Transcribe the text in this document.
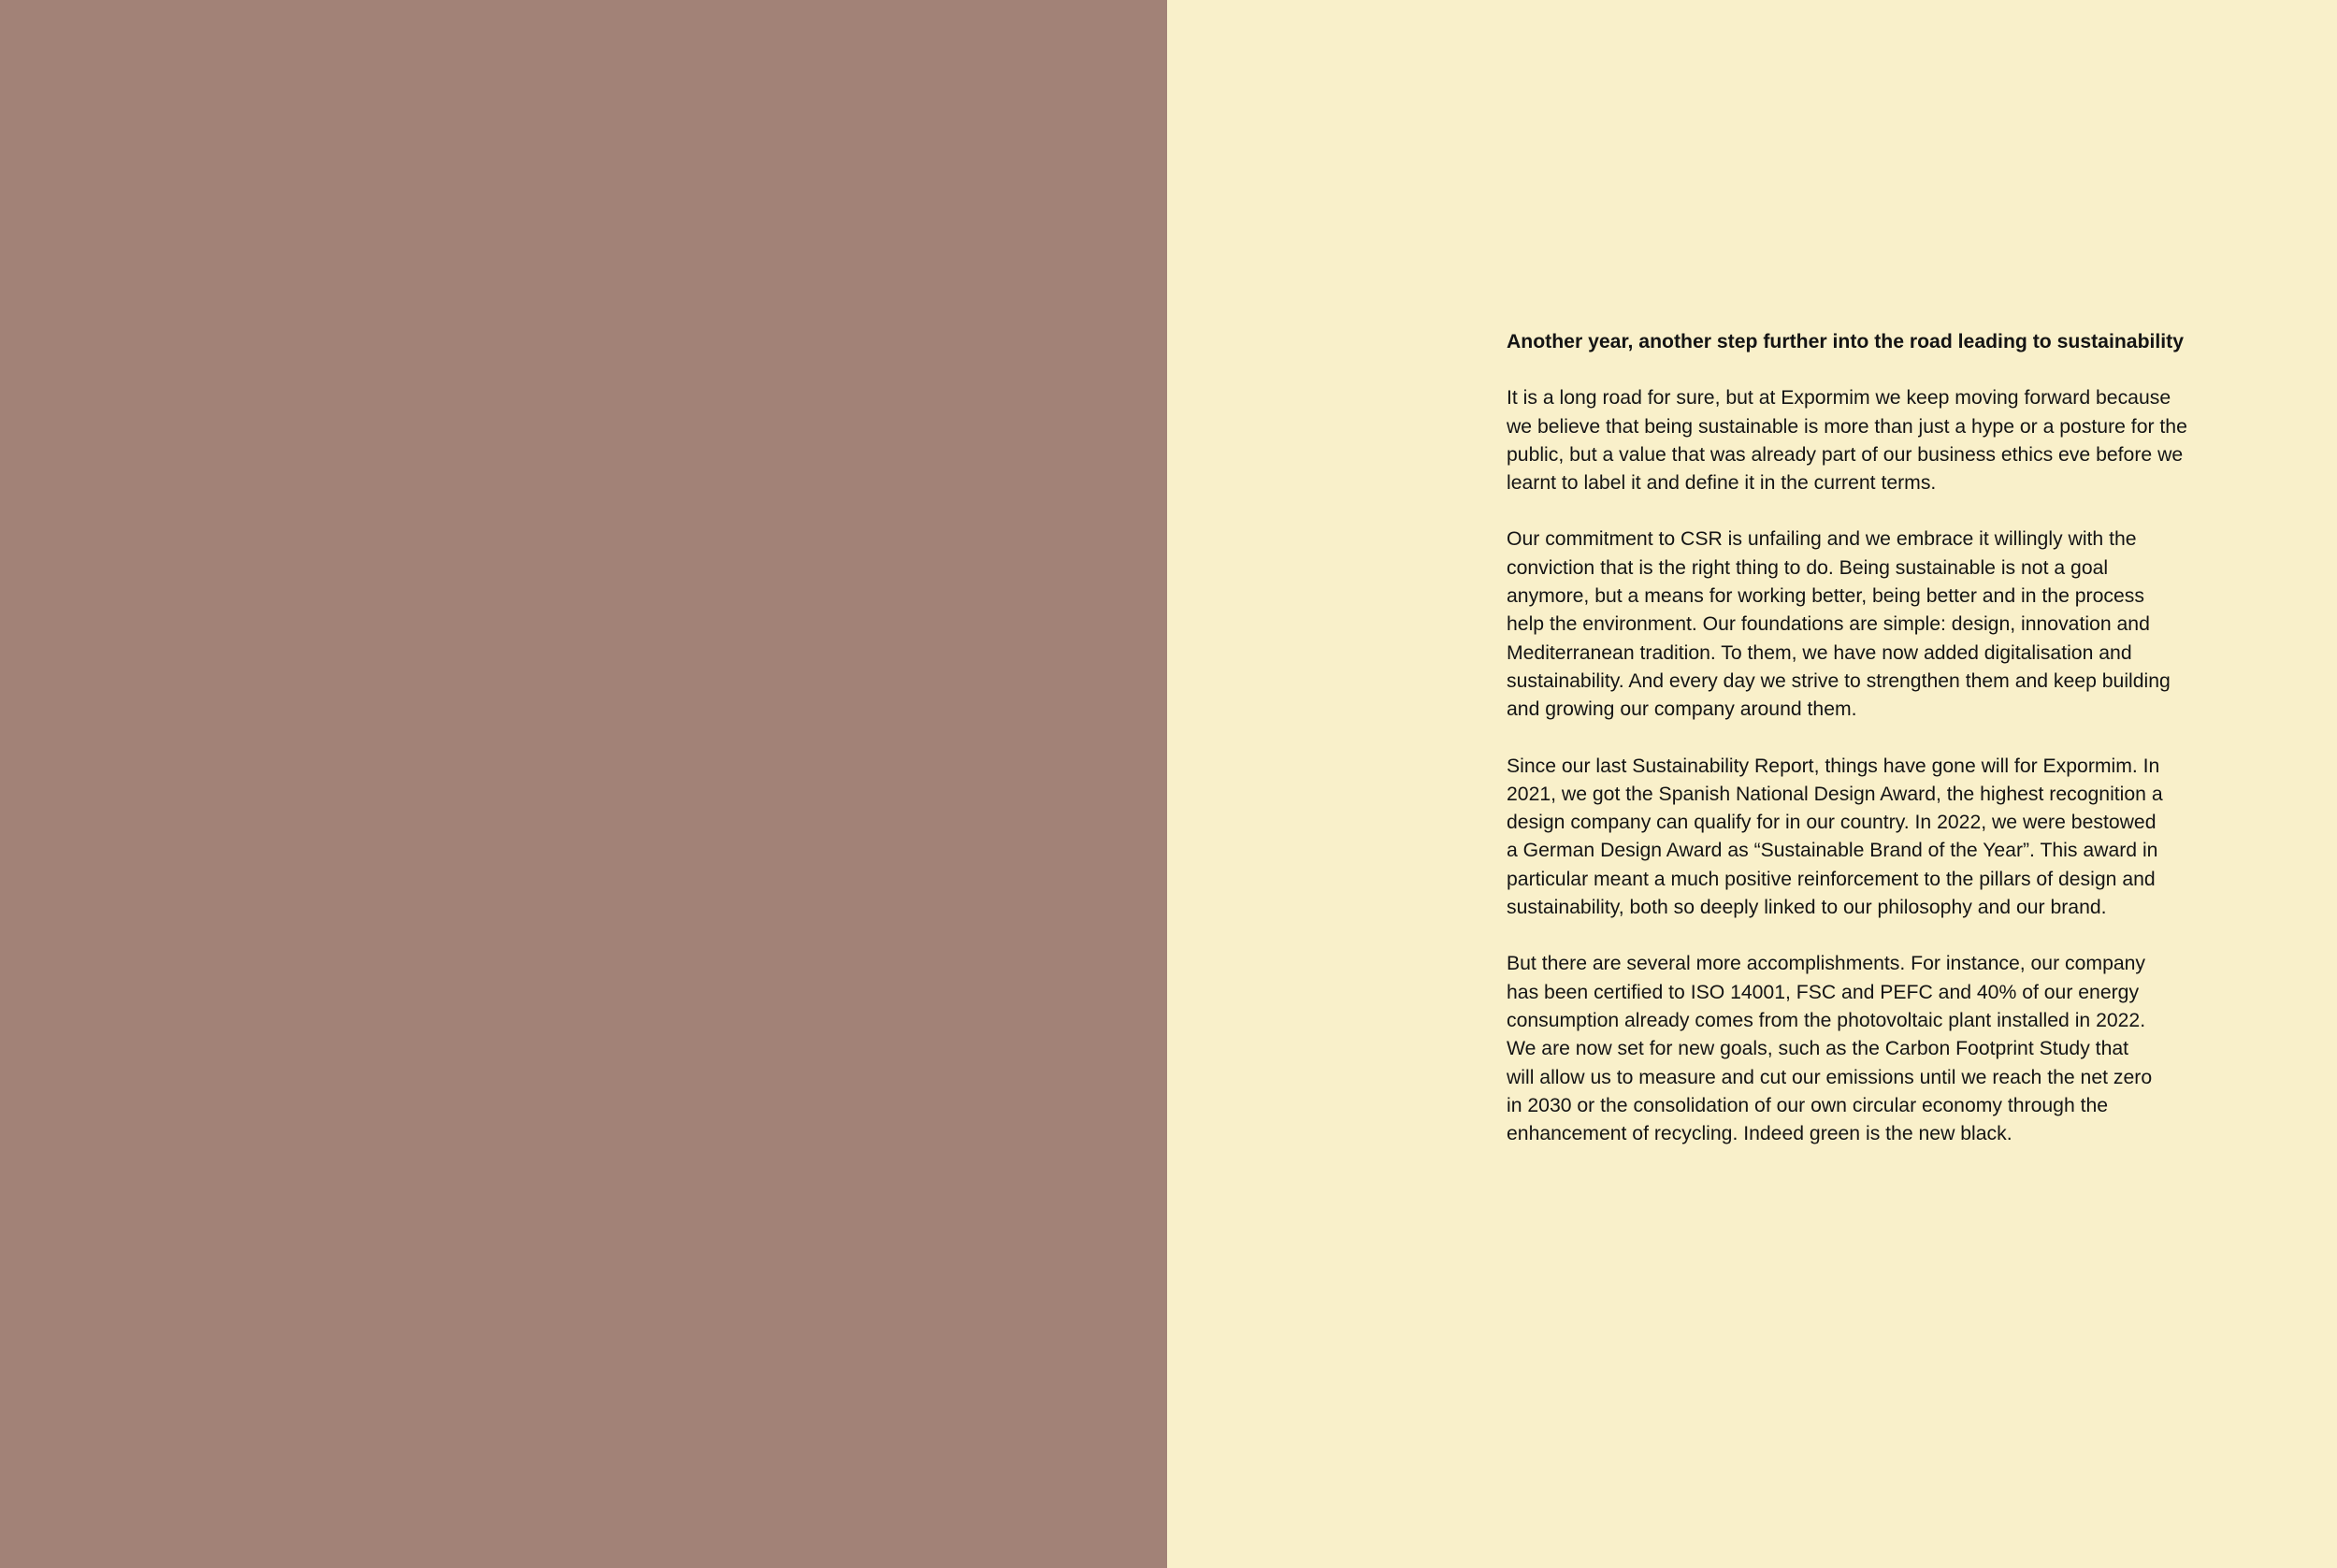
Another year, another step further into the road leading to sustainability

It is a long road for sure, but at Expormim we keep moving forward because
we believe that being sustainable is more than just a hype or a posture for the
public, but a value that was already part of our business ethics eve before we
learnt to label it and define it in the current terms.

Our commitment to CSR is unfailing and we embrace it willingly with the
conviction that is the right thing to do. Being sustainable is not a goal
anymore, but a means for working better, being better and in the process
help the environment. Our foundations are simple: design, innovation and
Mediterranean tradition. To them, we have now added digitalisation and
sustainability. And every day we strive to strengthen them and keep building
and growing our company around them.

Since our last Sustainability Report, things have gone will for Expormim. In
2021, we got the Spanish National Design Award, the highest recognition a
design company can qualify for in our country. In 2022, we were bestowed
a German Design Award as “Sustainable Brand of the Year”. This award in
particular meant a much positive reinforcement to the pillars of design and
sustainability, both so deeply linked to our philosophy and our brand.

But there are several more accomplishments. For instance, our company
has been certified to ISO 14001, FSC and PEFC and 40% of our energy
consumption already comes from the photovoltaic plant installed in 2022.
We are now set for new goals, such as the Carbon Footprint Study that
will allow us to measure and cut our emissions until we reach the net zero
in 2030 or the consolidation of our own circular economy through the
enhancement of recycling. Indeed green is the new black.
